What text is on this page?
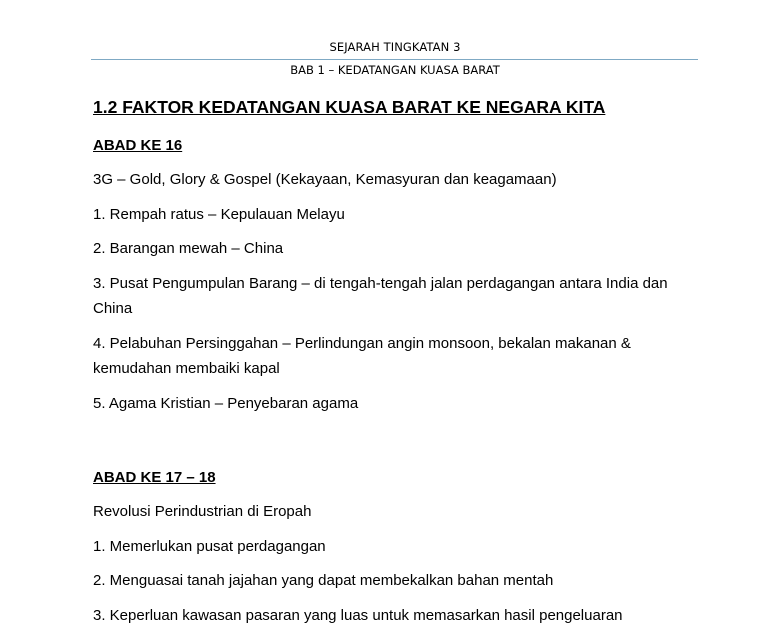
SEJARAH TINGKATAN 3
BAB 1 – KEDATANGAN KUASA BARAT
1.2 FAKTOR KEDATANGAN KUASA BARAT KE NEGARA KITA
ABAD KE 16

3G – Gold, Glory & Gospel (Kekayaan, Kemasyuran dan keagamaan)

1. Rempah ratus – Kepulauan Melayu

2. Barangan mewah – China

3. Pusat Pengumpulan Barang – di tengah-tengah jalan perdagangan antara India dan China

4. Pelabuhan Persinggahan – Perlindungan angin monsoon, bekalan makanan & kemudahan membaiki kapal

5. Agama Kristian – Penyebaran agama

ABAD KE 17 – 18

Revolusi Perindustrian di Eropah

1. Memerlukan pusat perdagangan

2. Menguasai tanah jajahan yang dapat membekalkan bahan mentah

3. Keperluan kawasan pasaran yang luas untuk memasarkan hasil pengeluaran
